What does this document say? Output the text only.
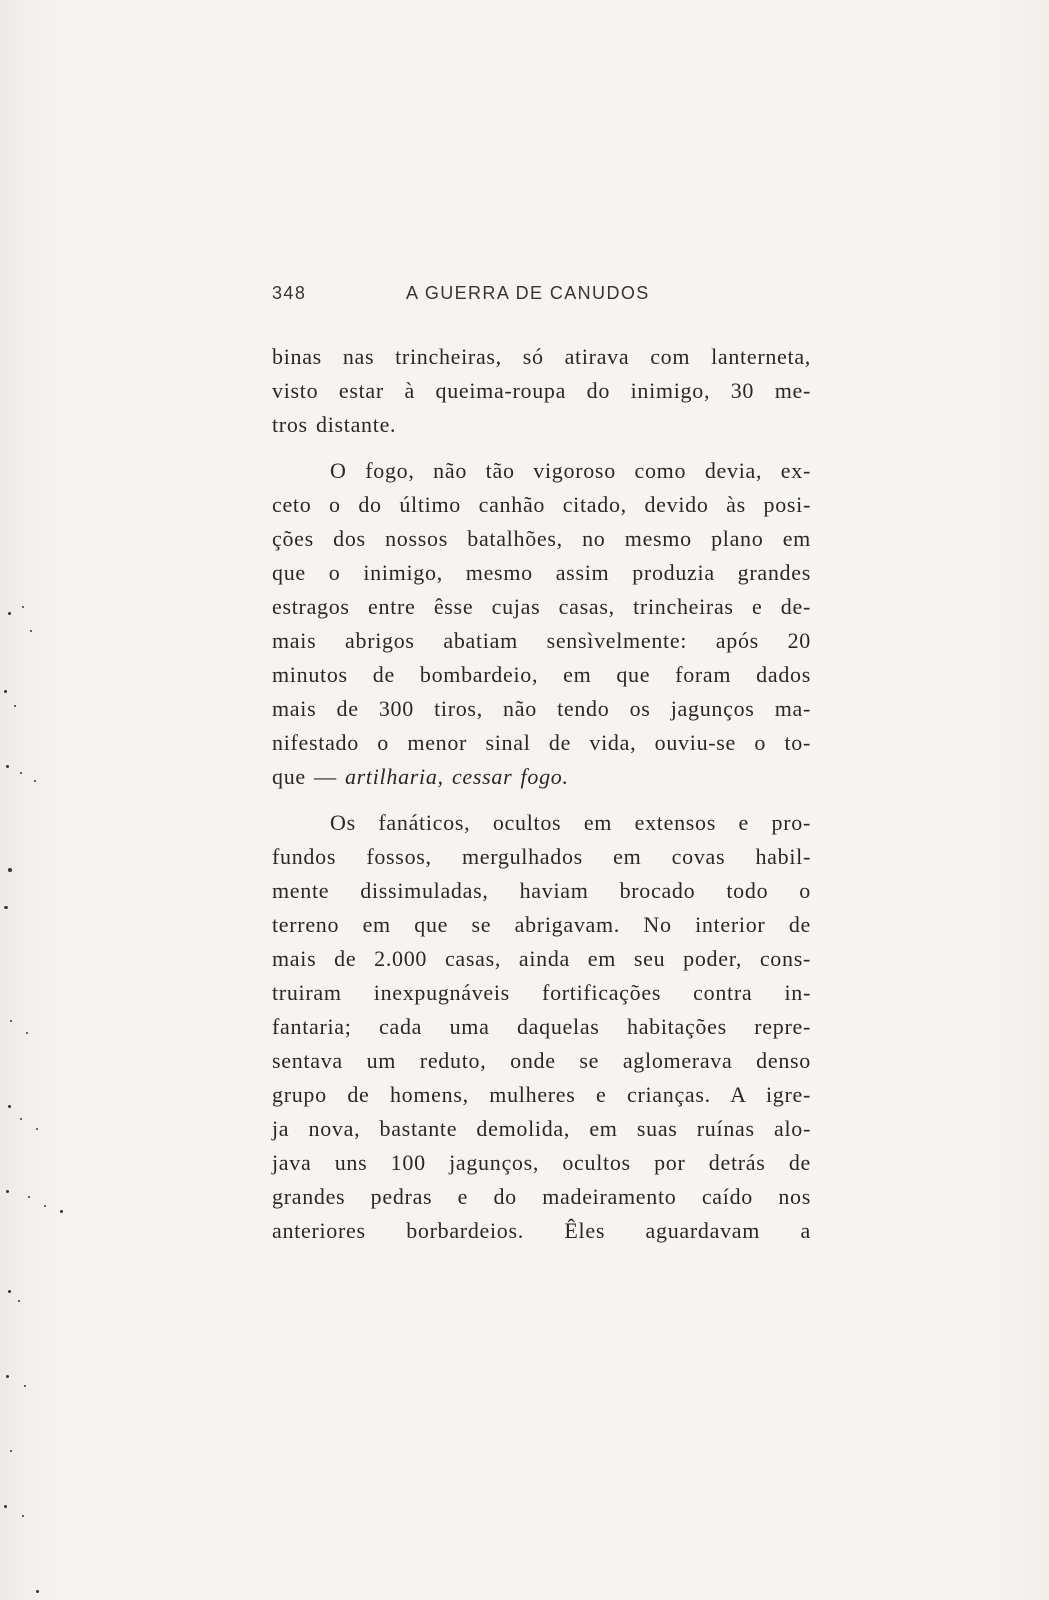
348	A GUERRA DE CANUDOS
binas nas trincheiras, só atirava com lanterneta,
visto estar à queima-roupa do inimigo, 30 me-
tros distante.
O fogo, não tão vigoroso como devia, ex-
ceto o do último canhão citado, devido às posi-
ções dos nossos batalhões, no mesmo plano em
que o inimigo, mesmo assim produzia grandes
estragos entre êsse cujas casas, trincheiras e de-
mais abrigos abatiam sensìvelmente: após 20
minutos de bombardeio, em que foram dados
mais de 300 tiros, não tendo os jagunços ma-
nifestado o menor sinal de vida, ouviu-se o to-
que — artilharia, cessar fogo.
Os fanáticos, ocultos em extensos e pro-
fundos fossos, mergulhados em covas habil-
mente dissimuladas, haviam brocado todo o
terreno em que se abrigavam. No interior de
mais de 2.000 casas, ainda em seu poder, cons-
truiram inexpugnáveis fortificações contra in-
fantaria; cada uma daquelas habitações repre-
sentava um reduto, onde se aglomerava denso
grupo de homens, mulheres e crianças. A igre-
ja nova, bastante demolida, em suas ruínas alo-
java uns 100 jagunços, ocultos por detrás de
grandes pedras e do madeiramento caído nos
anteriores borbardeios. Êles aguardavam a
